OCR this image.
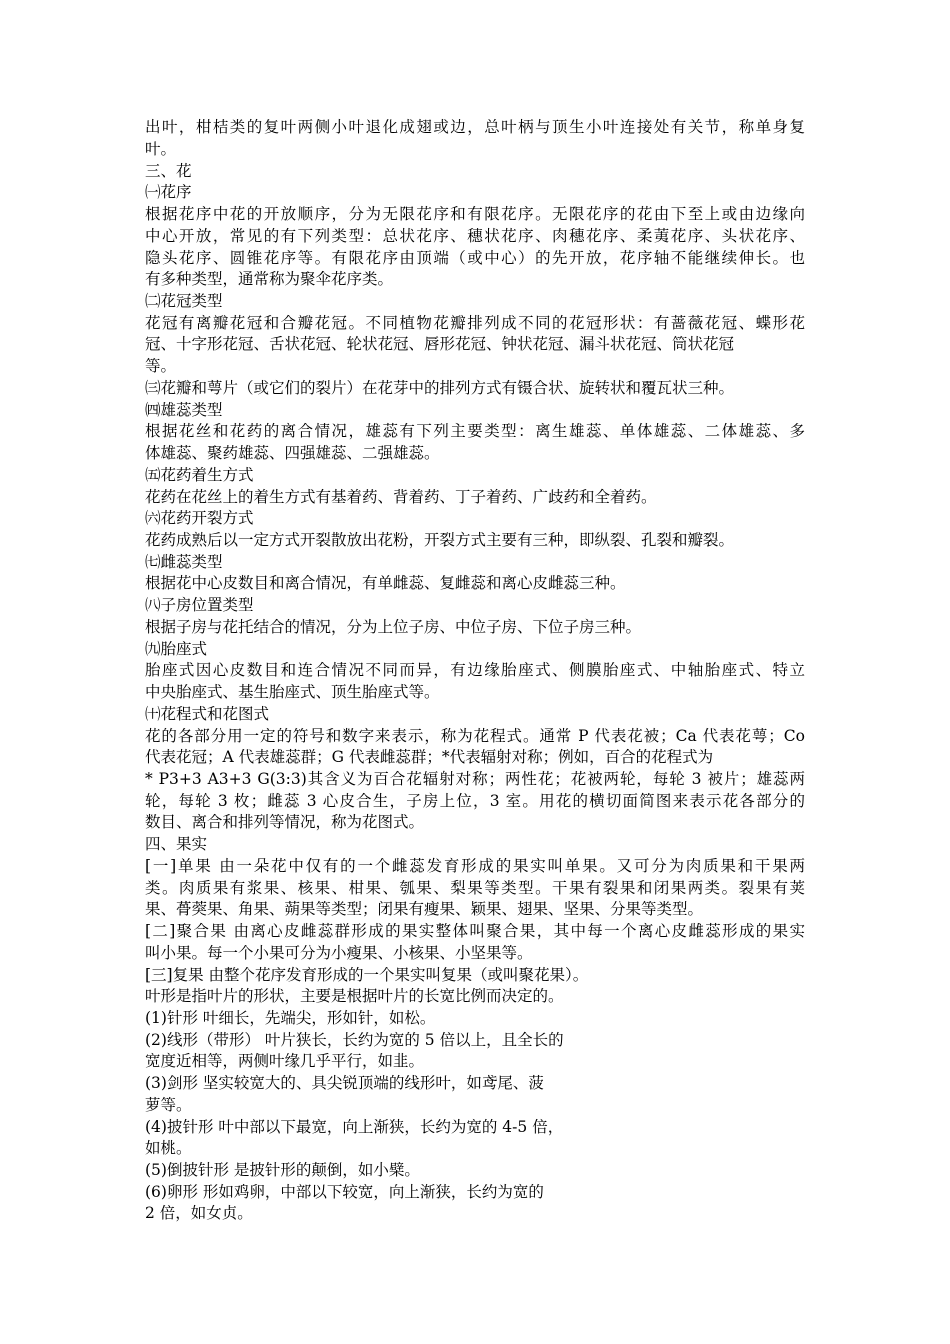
出叶，柑桔类的复叶两侧小叶退化成翅或边，总叶柄与顶生小叶连接处有关节，称单身复

叶。

三、花

㈠花序

根据花序中花的开放顺序，分为无限花序和有限花序。无限花序的花由下至上或由边缘向

中心开放，常见的有下列类型：总状花序、穗状花序、肉穗花序、柔荑花序、头状花序、

隐头花序、圆锥花序等。有限花序由顶端（或中心）的先开放，花序轴不能继续伸长。也

有多种类型，通常称为聚伞花序类。

㈡花冠类型

花冠有离瓣花冠和合瓣花冠。不同植物花瓣排列成不同的花冠形状：有蔷薇花冠、蝶形花

冠、十字形花冠、舌状花冠、轮状花冠、唇形花冠、钟状花冠、漏斗状花冠、筒状花冠

等。

㈢花瓣和萼片（或它们的裂片）在花芽中的排列方式有镊合状、旋转状和覆瓦状三种。

㈣雄蕊类型

根据花丝和花药的离合情况，雄蕊有下列主要类型：离生雄蕊、单体雄蕊、二体雄蕊、多

体雄蕊、聚药雄蕊、四强雄蕊、二强雄蕊。

㈤花药着生方式

花药在花丝上的着生方式有基着药、背着药、丁子着药、广歧药和全着药。

㈥花药开裂方式

花药成熟后以一定方式开裂散放出花粉，开裂方式主要有三种，即纵裂、孔裂和瓣裂。

㈦雌蕊类型

根据花中心皮数目和离合情况，有单雌蕊、复雌蕊和离心皮雌蕊三种。

㈧子房位置类型

根据子房与花托结合的情况，分为上位子房、中位子房、下位子房三种。

㈨胎座式

胎座式因心皮数目和连合情况不同而异，有边缘胎座式、侧膜胎座式、中轴胎座式、特立

中央胎座式、基生胎座式、顶生胎座式等。

㈩花程式和花图式

花的各部分用一定的符号和数字来表示，称为花程式。通常 P 代表花被；Ca 代表花萼；Co

代表花冠；A 代表雄蕊群；G 代表雌蕊群；*代表辐射对称；例如，百合的花程式为

* P3+3 A3+3 G(3:3)其含义为百合花辐射对称；两性花；花被两轮，每轮 3 被片；雄蕊两

轮，每轮 3 枚；雌蕊 3 心皮合生，子房上位，3 室。用花的横切面简图来表示花各部分的

数目、离合和排列等情况，称为花图式。

四、果实

[一]单果 由一朵花中仅有的一个雌蕊发育形成的果实叫单果。又可分为肉质果和干果两

类。肉质果有浆果、核果、柑果、瓠果、梨果等类型。干果有裂果和闭果两类。裂果有荚

果、蓇葖果、角果、蒴果等类型；闭果有瘦果、颖果、翅果、坚果、分果等类型。

[二]聚合果 由离心皮雌蕊群形成的果实整体叫聚合果，其中每一个离心皮雌蕊形成的果实

叫小果。每一个小果可分为小瘦果、小核果、小坚果等。

[三]复果 由整个花序发育形成的一个果实叫复果（或叫聚花果）。

叶形是指叶片的形状，主要是根据叶片的长宽比例而决定的。

(1)针形 叶细长，先端尖，形如针，如松。

(2)线形（带形） 叶片狭长，长约为宽的 5 倍以上，且全长的

宽度近相等，两侧叶缘几乎平行，如韭。

(3)剑形 坚实较宽大的、具尖锐顶端的线形叶，如鸢尾、菠

萝等。

(4)披针形 叶中部以下最宽，向上渐狭，长约为宽的 4-5 倍，

如桃。

(5)倒披针形 是披针形的颠倒，如小檗。

(6)卵形 形如鸡卵，中部以下较宽，向上渐狭，长约为宽的

2 倍，如女贞。
